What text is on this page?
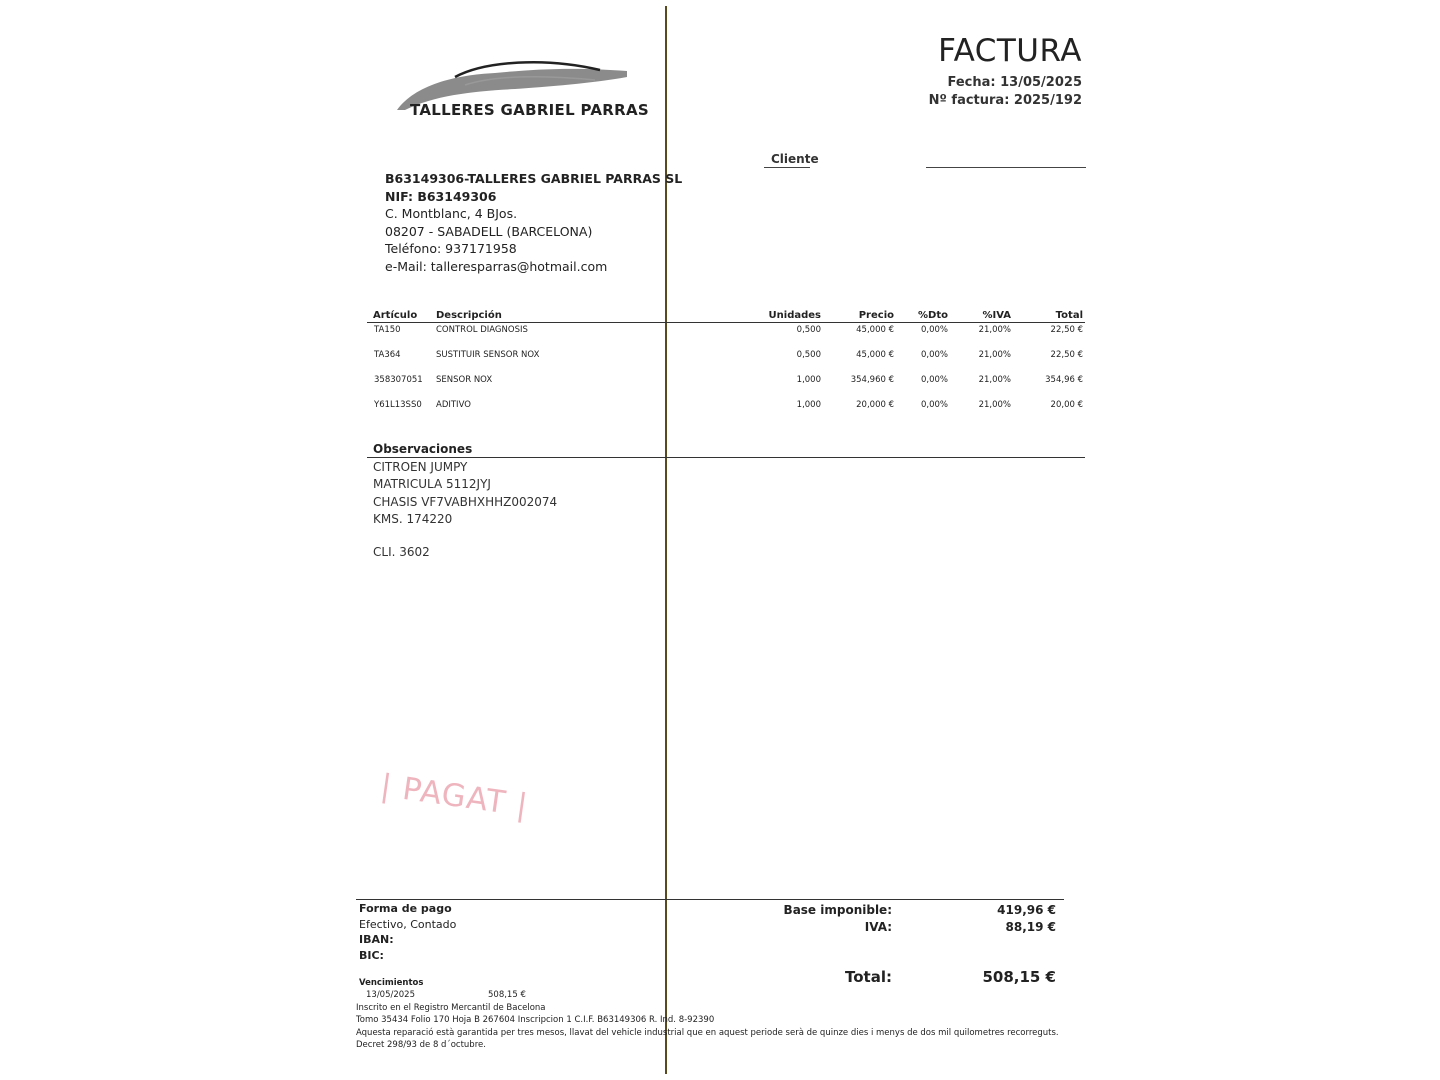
TALLERES GABRIEL PARRAS
FACTURA
Fecha: 13/05/2025
Nº factura: 2025/192
Cliente
B63149306-TALLERES GABRIEL PARRAS SL
NIF: B63149306
C. Montblanc, 4 BJos.
08207 - SABADELL (BARCELONA)
Teléfono: 937171958
e-Mail: talleresparras@hotmail.com
Artículo Descripción	Unidades	Precio %Dto	%IVA	Total
TA150	CONTROL DIAGNOSIS	0,500	45,000 €	0,00%	21,00%	22,50 €
TA364	SUSTITUIR SENSOR NOX	0,500	45,000 €	0,00%	21,00%	22,50 €
358307051 SENSOR NOX	1,000	354,960 €	0,00%	21,00%	354,96 €
Y61L13SS0 ADITIVO	1,000	20,000 €	0,00%	21,00%	20,00 €
Observaciones
CITROEN JUMPY
MATRICULA 5112JYJ
CHASIS VF7VABHXHHZ002074
KMS. 174220
CLI. 3602
| PAGAT |
Forma de pago
Efectivo, Contado
IBAN:
BIC:
Base imponible:	419,96 €
IVA:	88,19 €
Total:	508,15 €
Vencimientos
13/05/2025	508,15 €
Inscrito en el Registro Mercantil de Bacelona
Tomo 35434 Folio 170 Hoja B 267604 Inscripcion 1 C.I.F. B63149306 R. Ind. 8-92390
Aquesta reparació està garantida per tres mesos, llavat del vehicle industrial que en aquest periode serà de quinze dies i menys de dos mil quilometres recorreguts.
Decret 298/93 de 8 d´octubre.
